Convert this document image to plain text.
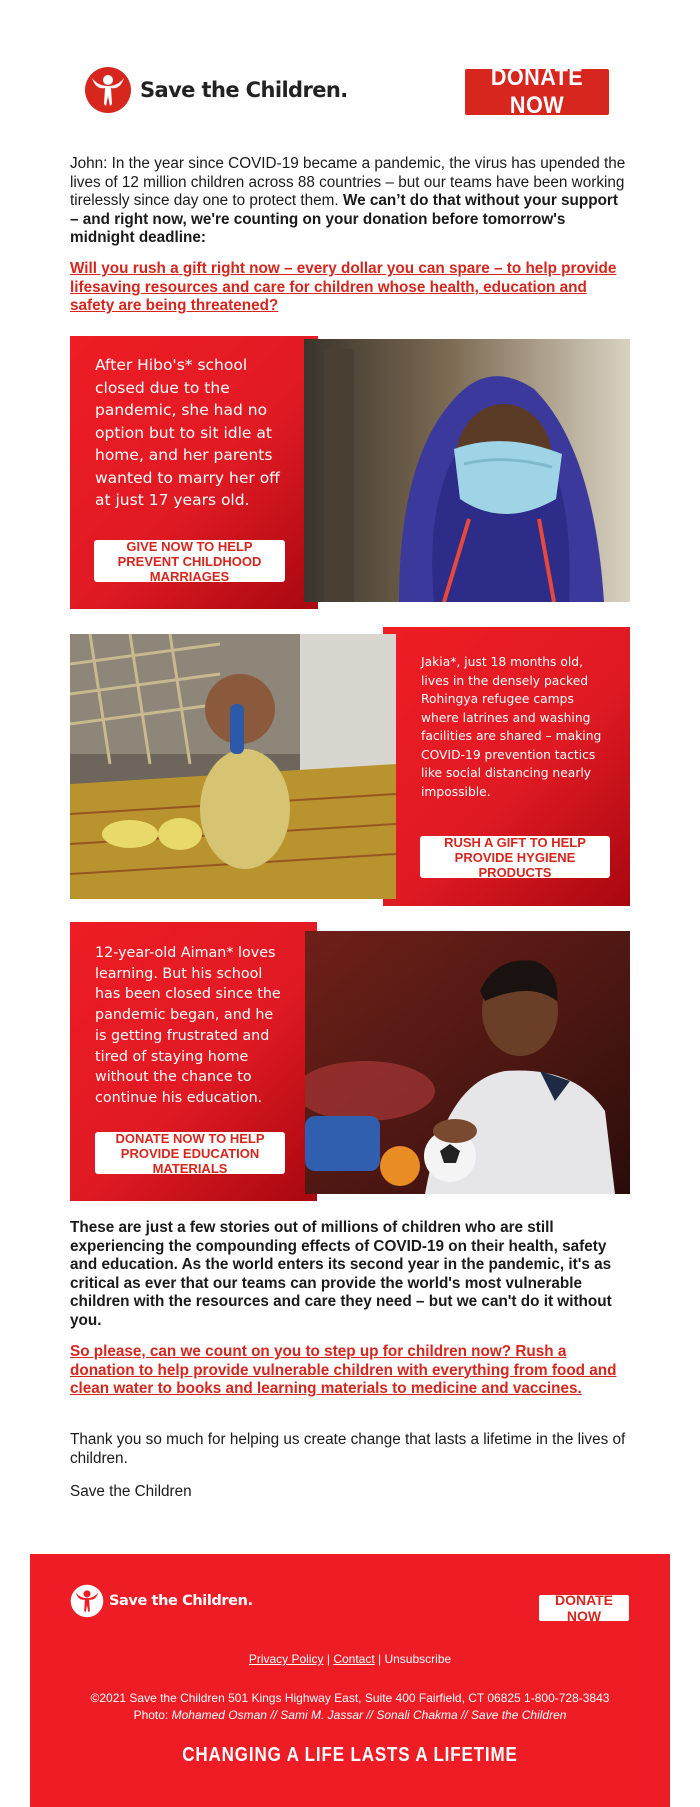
Save the Children.	DONATE NOW
John: In the year since COVID-19 became a pandemic, the virus has upended the lives of 12 million children across 88 countries – but our teams have been working tirelessly since day one to protect them. We can’t do that without your support – and right now, we're counting on your donation before tomorrow's midnight deadline:
Will you rush a gift right now – every dollar you can spare – to help provide lifesaving resources and care for children whose health, education and safety are being threatened?
After Hibo's* school closed due to the pandemic, she had no option but to sit idle at home, and her parents wanted to marry her off at just 17 years old.
GIVE NOW TO HELP PREVENT CHILDHOOD MARRIAGES
Jakia*, just 18 months old, lives in the densely packed Rohingya refugee camps where latrines and washing facilities are shared – making COVID-19 prevention tactics like social distancing nearly impossible.
RUSH A GIFT TO HELP PROVIDE HYGIENE PRODUCTS
12-year-old Aiman* loves learning. But his school has been closed since the pandemic began, and he is getting frustrated and tired of staying home without the chance to continue his education.
DONATE NOW TO HELP PROVIDE EDUCATION MATERIALS
These are just a few stories out of millions of children who are still experiencing the compounding effects of COVID-19 on their health, safety and education. As the world enters its second year in the pandemic, it's as critical as ever that our teams can provide the world's most vulnerable children with the resources and care they need – but we can't do it without you.
So please, can we count on you to step up for children now? Rush a donation to help provide vulnerable children with everything from food and clean water to books and learning materials to medicine and vaccines.
Thank you so much for helping us create change that lasts a lifetime in the lives of children.
Save the Children
Save the Children.	DONATE NOW
Privacy Policy | Contact | Unsubscribe
©2021 Save the Children 501 Kings Highway East, Suite 400 Fairfield, CT 06825 1-800-728-3843
Photo: Mohamed Osman // Sami M. Jassar // Sonali Chakma // Save the Children
CHANGING A LIFE LASTS A LIFETIME
